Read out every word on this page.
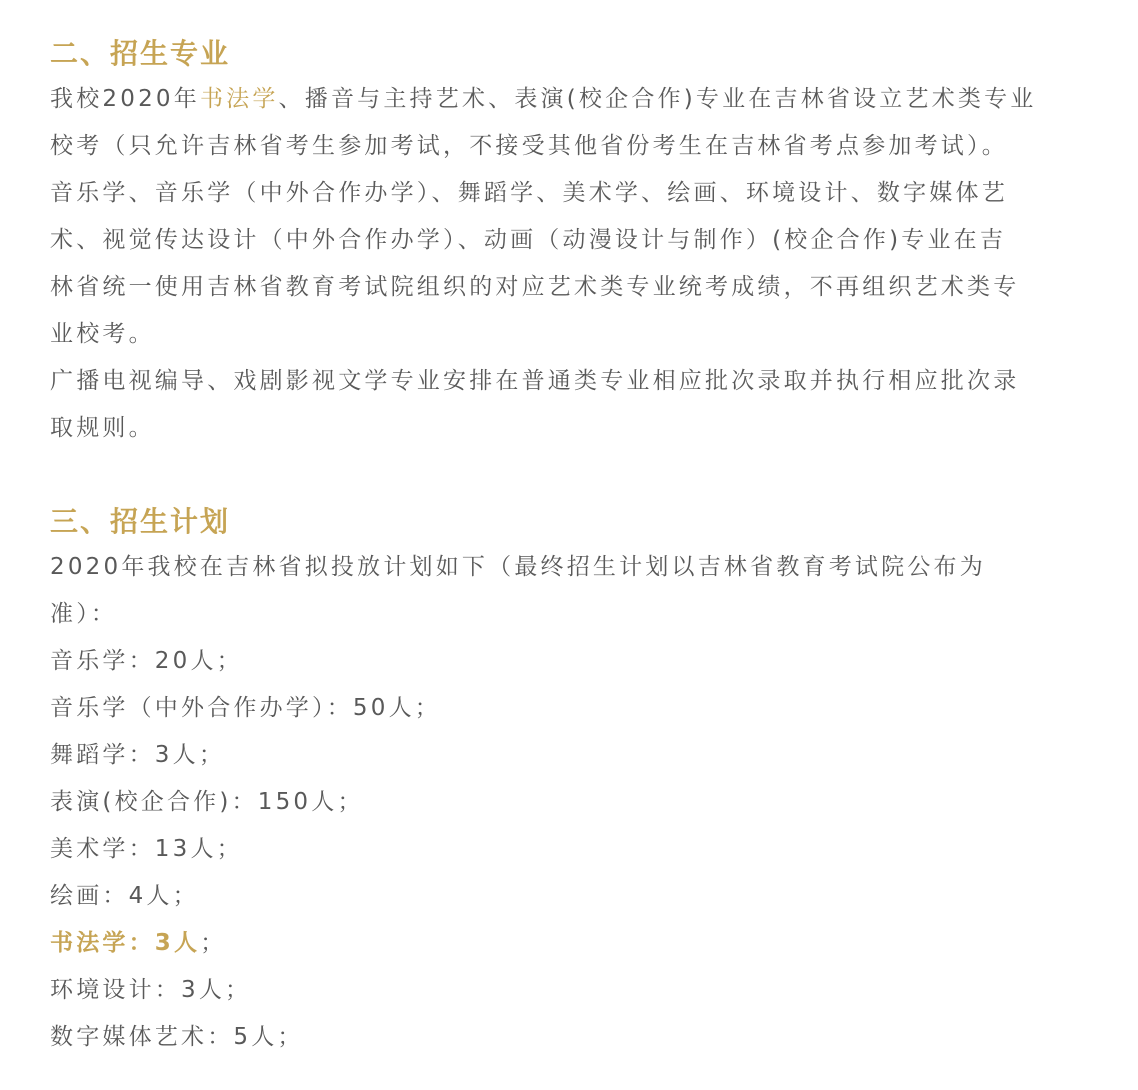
二、招生专业

我校2020年书法学、播音与主持艺术、表演(校企合作)专业在吉林省设立艺术类专业

校考（只允许吉林省考生参加考试，不接受其他省份考生在吉林省考点参加考试）。

音乐学、音乐学（中外合作办学）、舞蹈学、美术学、绘画、环境设计、数字媒体艺

术、视觉传达设计（中外合作办学）、动画（动漫设计与制作）(校企合作)专业在吉

林省统一使用吉林省教育考试院组织的对应艺术类专业统考成绩，不再组织艺术类专

业校考。

广播电视编导、戏剧影视文学专业安排在普通类专业相应批次录取并执行相应批次录

取规则。

三、招生计划

2020年我校在吉林省拟投放计划如下（最终招生计划以吉林省教育考试院公布为

准）：

音乐学：20人；

音乐学（中外合作办学）：50人；

舞蹈学：3人；

表演(校企合作)：150人；

美术学：13人；

绘画：4人；

书法学：3人；

环境设计：3人；

数字媒体艺术：5人；
